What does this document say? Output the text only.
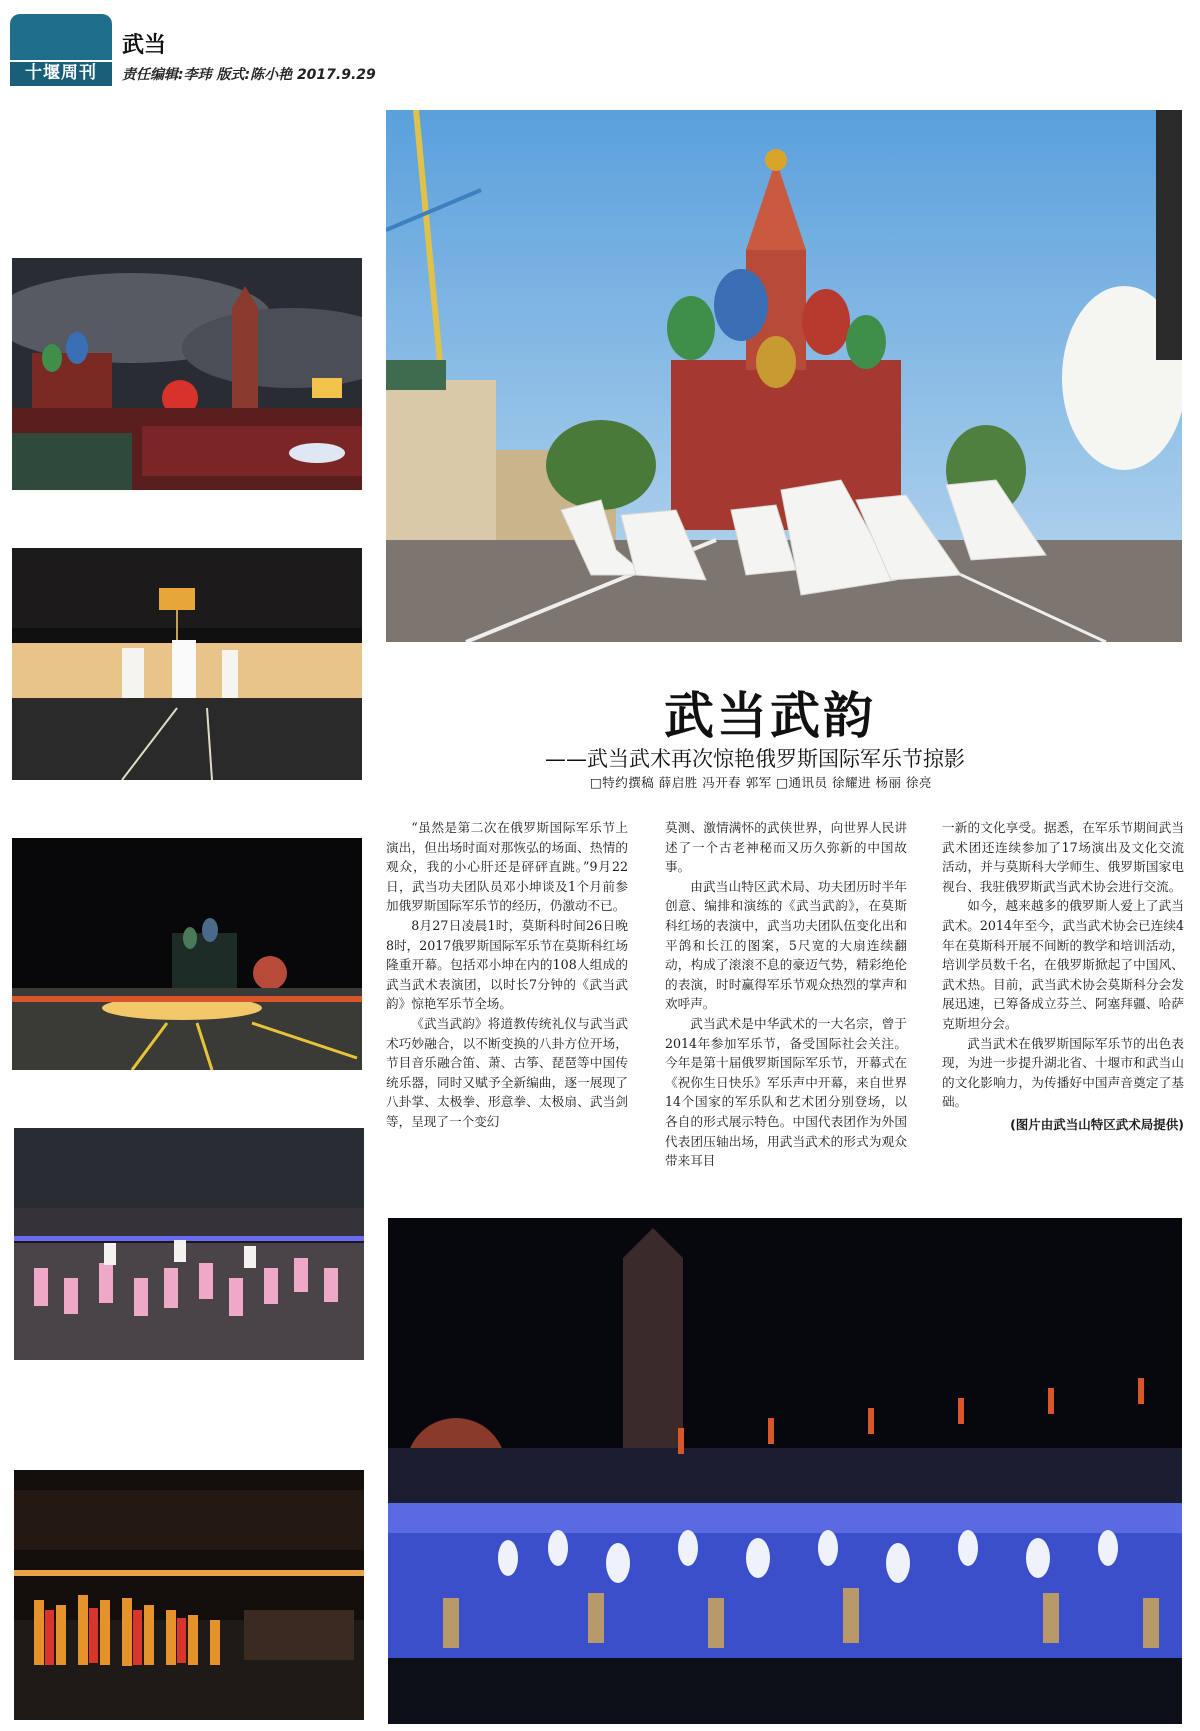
十堰周刊
武当
责任编辑:李玮 版式:陈小艳 2017.9.29
武当武韵
——武当武术再次惊艳俄罗斯国际军乐节掠影
□特约撰稿 薛启胜 冯开春 郭军 □通讯员 徐耀进 杨丽 徐亮

“虽然是第二次在俄罗斯国际军乐节上演出，但出场时面对那恢弘的场面、热情的观众，我的小心肝还是砰砰直跳。”9月22日，武当功夫团队员邓小坤谈及1个月前参加俄罗斯国际军乐节的经历，仍激动不已。

8月27日凌晨1时，莫斯科时间26日晚8时，2017俄罗斯国际军乐节在莫斯科红场隆重开幕。包括邓小坤在内的108人组成的武当武术表演团，以时长7分钟的《武当武韵》惊艳军乐节全场。

《武当武韵》将道教传统礼仪与武当武术巧妙融合，以不断变换的八卦方位开场，节目音乐融合笛、萧、古筝、琵琶等中国传统乐器，同时又赋予全新编曲，逐一展现了八卦掌、太极拳、形意拳、太极扇、武当剑等，呈现了一个变幻

莫测、激情满怀的武侠世界，向世界人民讲述了一个古老神秘而又历久弥新的中国故事。

由武当山特区武术局、功夫团历时半年创意、编排和演练的《武当武韵》，在莫斯科红场的表演中，武当功夫团队伍变化出和平鸽和长江的图案，5尺宽的大扇连续翻动，构成了滚滚不息的豪迈气势，精彩绝伦的表演，时时赢得军乐节观众热烈的掌声和欢呼声。

武当武术是中华武术的一大名宗，曾于2014年参加军乐节，备受国际社会关注。今年是第十届俄罗斯国际军乐节，开幕式在《祝你生日快乐》军乐声中开幕，来自世界14个国家的军乐队和艺术团分别登场，以各自的形式展示特色。中国代表团作为外国代表团压轴出场，用武当武术的形式为观众带来耳目

一新的文化享受。据悉，在军乐节期间武当武术团还连续参加了17场演出及文化交流活动，并与莫斯科大学师生、俄罗斯国家电视台、我驻俄罗斯武当武术协会进行交流。

如今，越来越多的俄罗斯人爱上了武当武术。2014年至今，武当武术协会已连续4年在莫斯科开展不间断的教学和培训活动，培训学员数千名，在俄罗斯掀起了中国风、武术热。目前，武当武术协会莫斯科分会发展迅速，已筹备成立芬兰、阿塞拜疆、哈萨克斯坦分会。

武当武术在俄罗斯国际军乐节的出色表现，为进一步提升湖北省、十堰市和武当山的文化影响力，为传播好中国声音奠定了基础。

(图片由武当山特区武术局提供)
